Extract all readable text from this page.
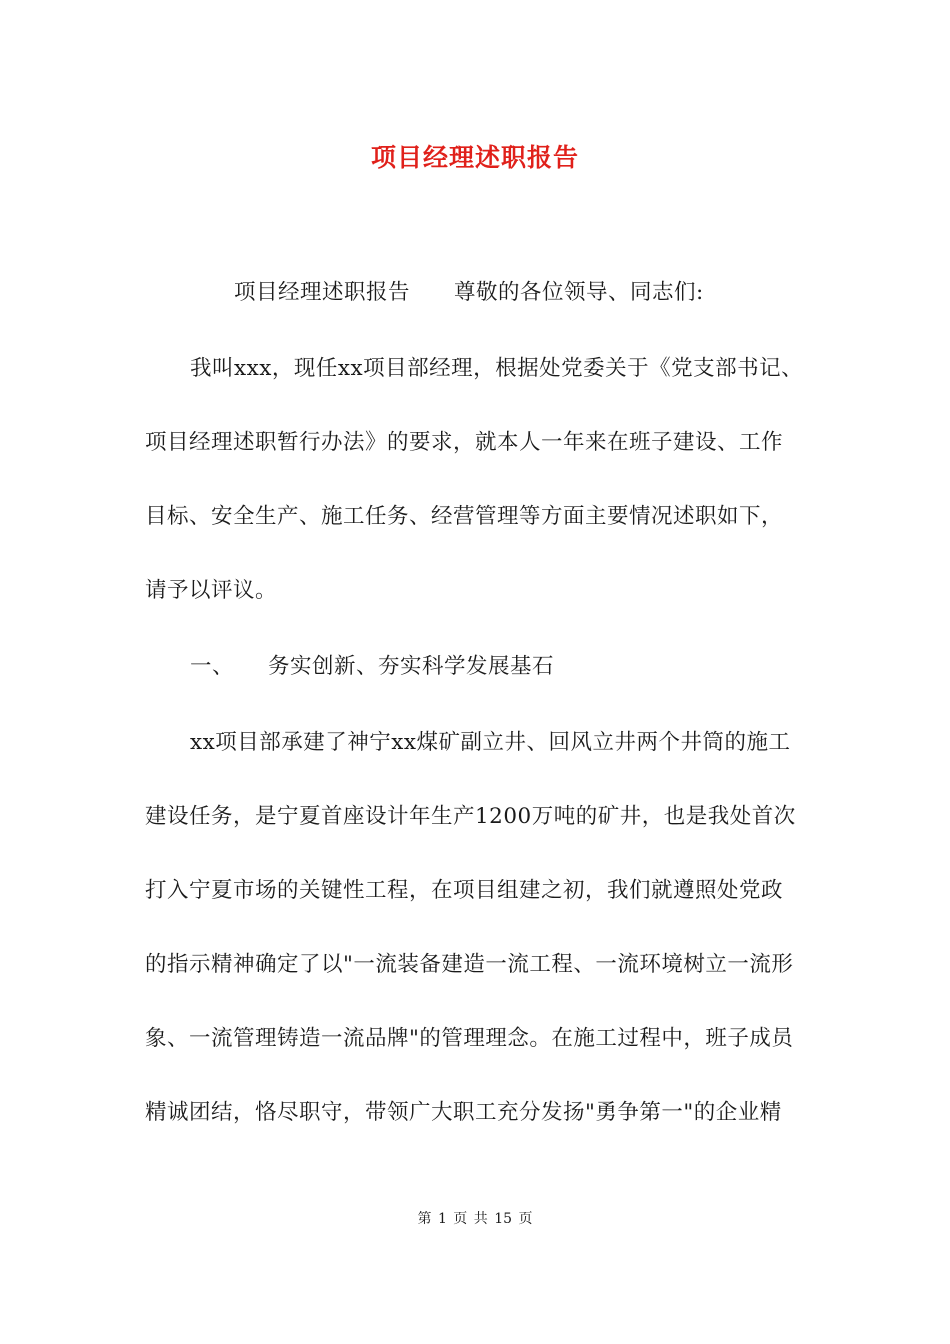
项目经理述职报告
项目经理述职报告 尊敬的各位领导、同志们:
我叫xxx，现任xx项目部经理，根据处党委关于《党支部书记、
项目经理述职暂行办法》的要求，就本人一年来在班子建设、工作
目标、安全生产、施工任务、经营管理等方面主要情况述职如下，
请予以评议。
一、 务实创新、夯实科学发展基石
xx项目部承建了神宁xx煤矿副立井、回风立井两个井筒的施工
建设任务，是宁夏首座设计年生产1200万吨的矿井，也是我处首次
打入宁夏市场的关键性工程，在项目组建之初，我们就遵照处党政
的指示精神确定了以"一流装备建造一流工程、一流环境树立一流形
象、一流管理铸造一流品牌"的管理理念。在施工过程中，班子成员
精诚团结，恪尽职守，带领广大职工充分发扬"勇争第一"的企业精
第 1 页 共 15 页
